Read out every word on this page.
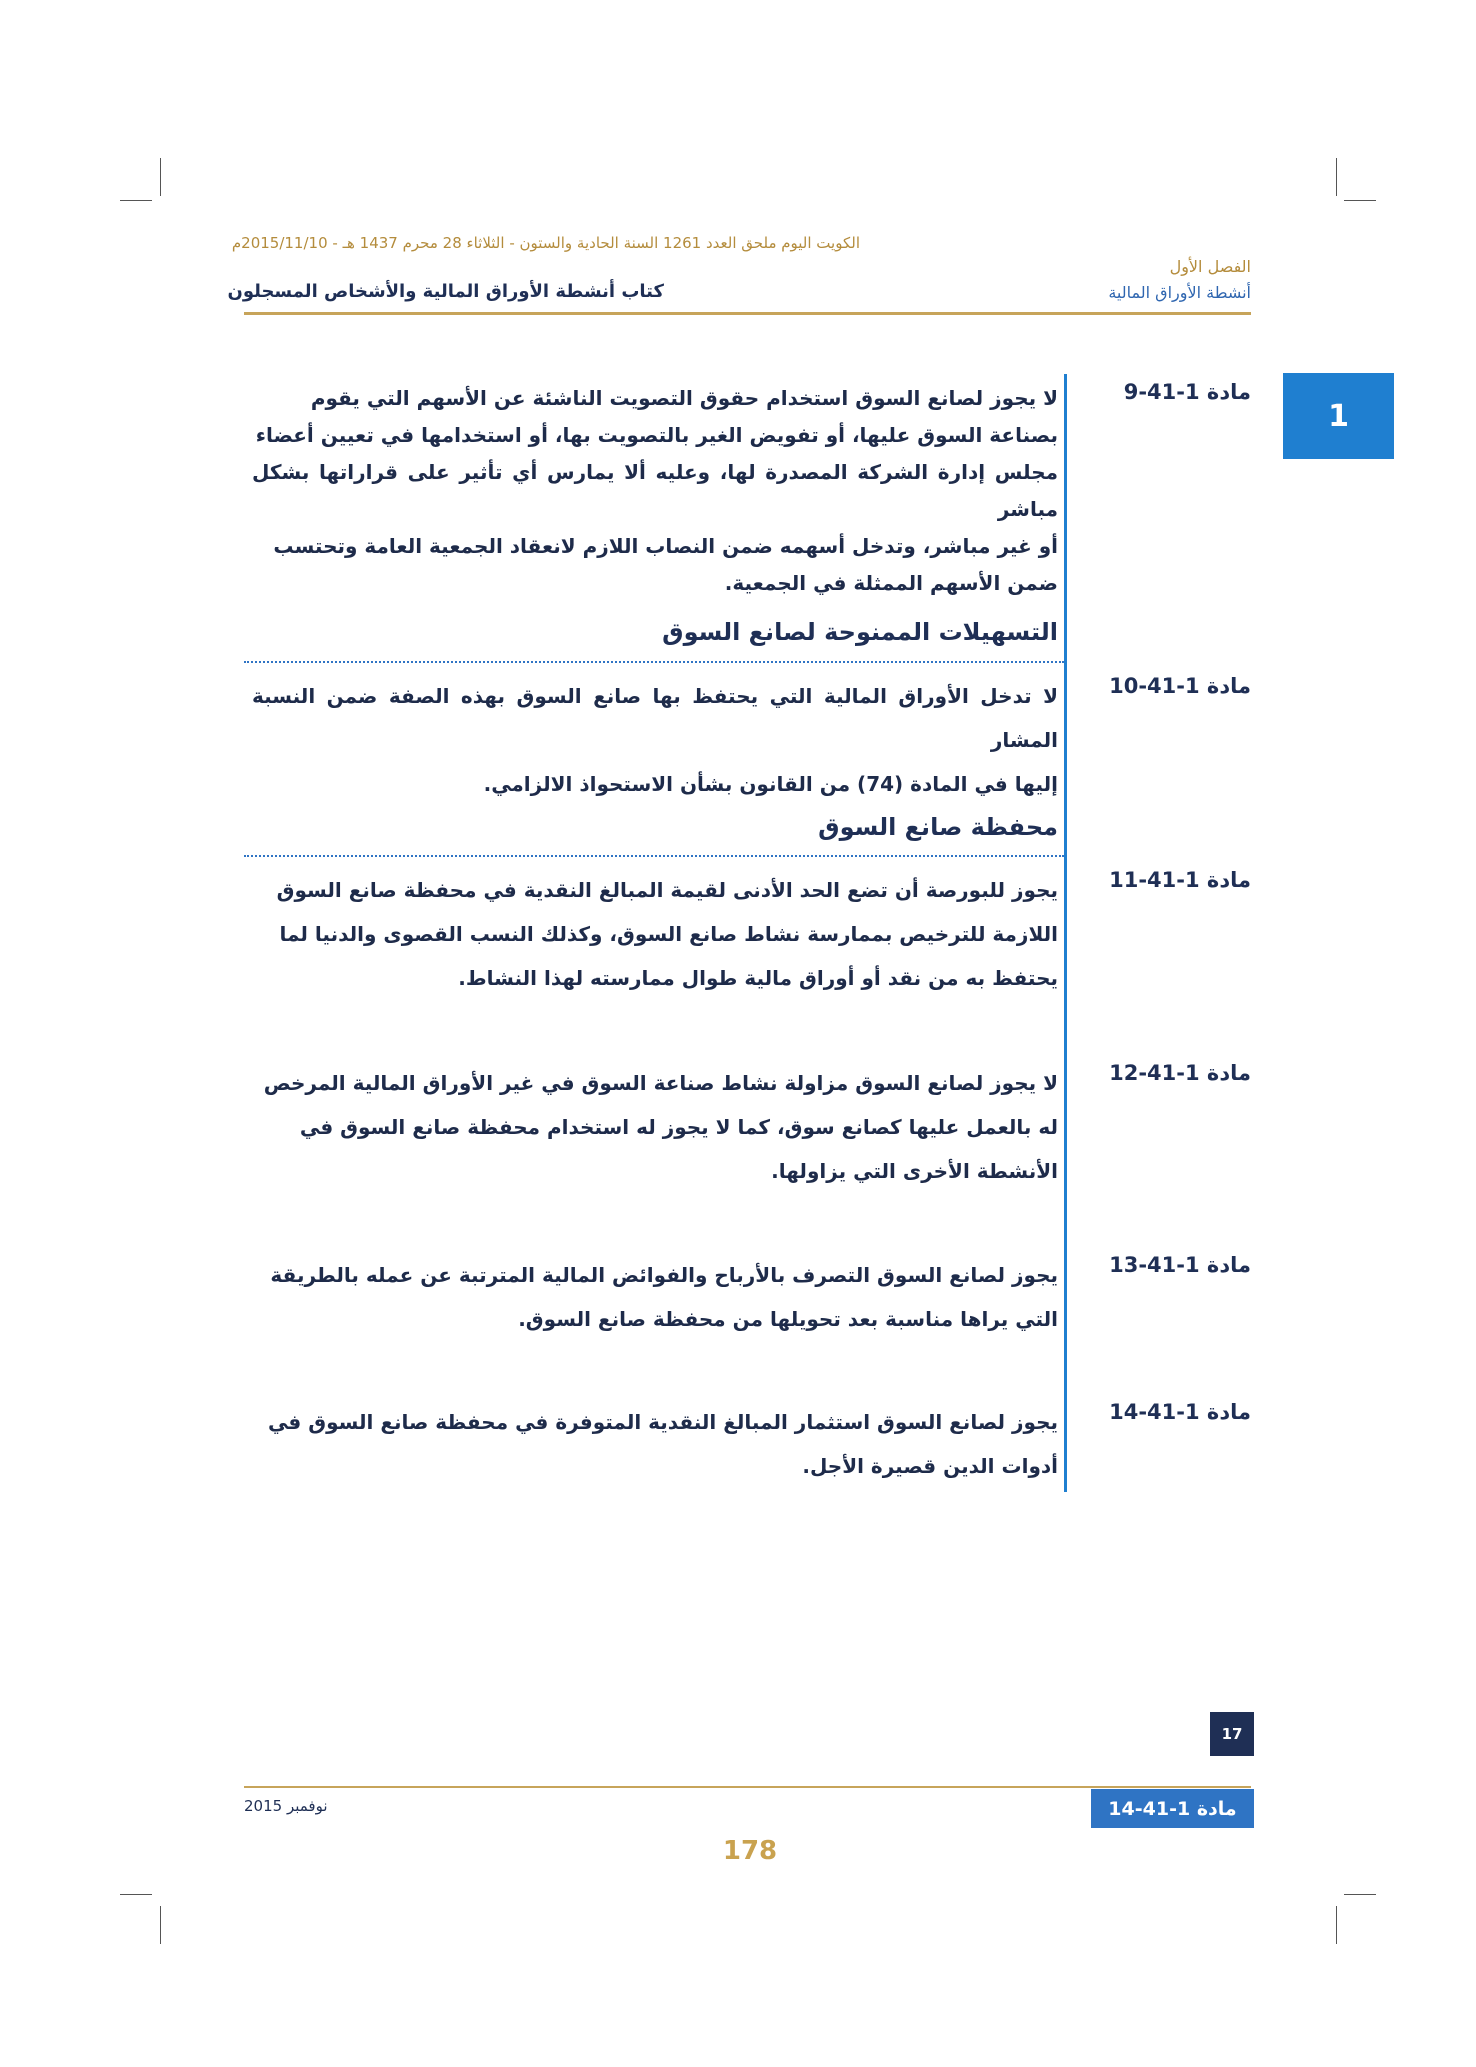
الكويت اليوم ملحق العدد 1261 السنة الحادية والستون - الثلاثاء 28 محرم 1437 هـ - 2015/11/10م
الفصل الأول
أنشطة الأوراق المالية
كتاب أنشطة الأوراق المالية والأشخاص المسجلون
1
مادة 1-41-9

لا يجوز لصانع السوق استخدام حقوق التصويت الناشئة عن الأسهم التي يقوم

بصناعة السوق عليها، أو تفويض الغير بالتصويت بها، أو استخدامها في تعيين أعضاء

مجلس إدارة الشركة المصدرة لها، وعليه ألا يمارس أي تأثير على قراراتها بشكل مباشر

أو غير مباشر، وتدخل أسهمه ضمن النصاب اللازم لانعقاد الجمعية العامة وتحتسب

ضمن الأسهم الممثلة في الجمعية.

التسهيلات الممنوحة لصانع السوق
مادة 1-41-10

لا تدخل الأوراق المالية التي يحتفظ بها صانع السوق بهذه الصفة ضمن النسبة المشار

إليها في المادة (74) من القانون بشأن الاستحواذ الالزامي.

محفظة صانع السوق
مادة 1-41-11

يجوز للبورصة أن تضع الحد الأدنى لقيمة المبالغ النقدية في محفظة صانع السوق

اللازمة للترخيص بممارسة نشاط صانع السوق، وكذلك النسب القصوى والدنيا لما

يحتفظ به من نقد أو أوراق مالية طوال ممارسته لهذا النشاط.

مادة 1-41-12

لا يجوز لصانع السوق مزاولة نشاط صناعة السوق في غير الأوراق المالية المرخص

له بالعمل عليها كصانع سوق، كما لا يجوز له استخدام محفظة صانع السوق في

الأنشطة الأخرى التي يزاولها.

مادة 1-41-13

يجوز لصانع السوق التصرف بالأرباح والفوائض المالية المترتبة عن عمله بالطريقة

التي يراها مناسبة بعد تحويلها من محفظة صانع السوق.

مادة 1-41-14

يجوز لصانع السوق استثمار المبالغ النقدية المتوفرة في محفظة صانع السوق في

أدوات الدين قصيرة الأجل.

17
مادة 1-41-14
نوفمبر 2015
178
